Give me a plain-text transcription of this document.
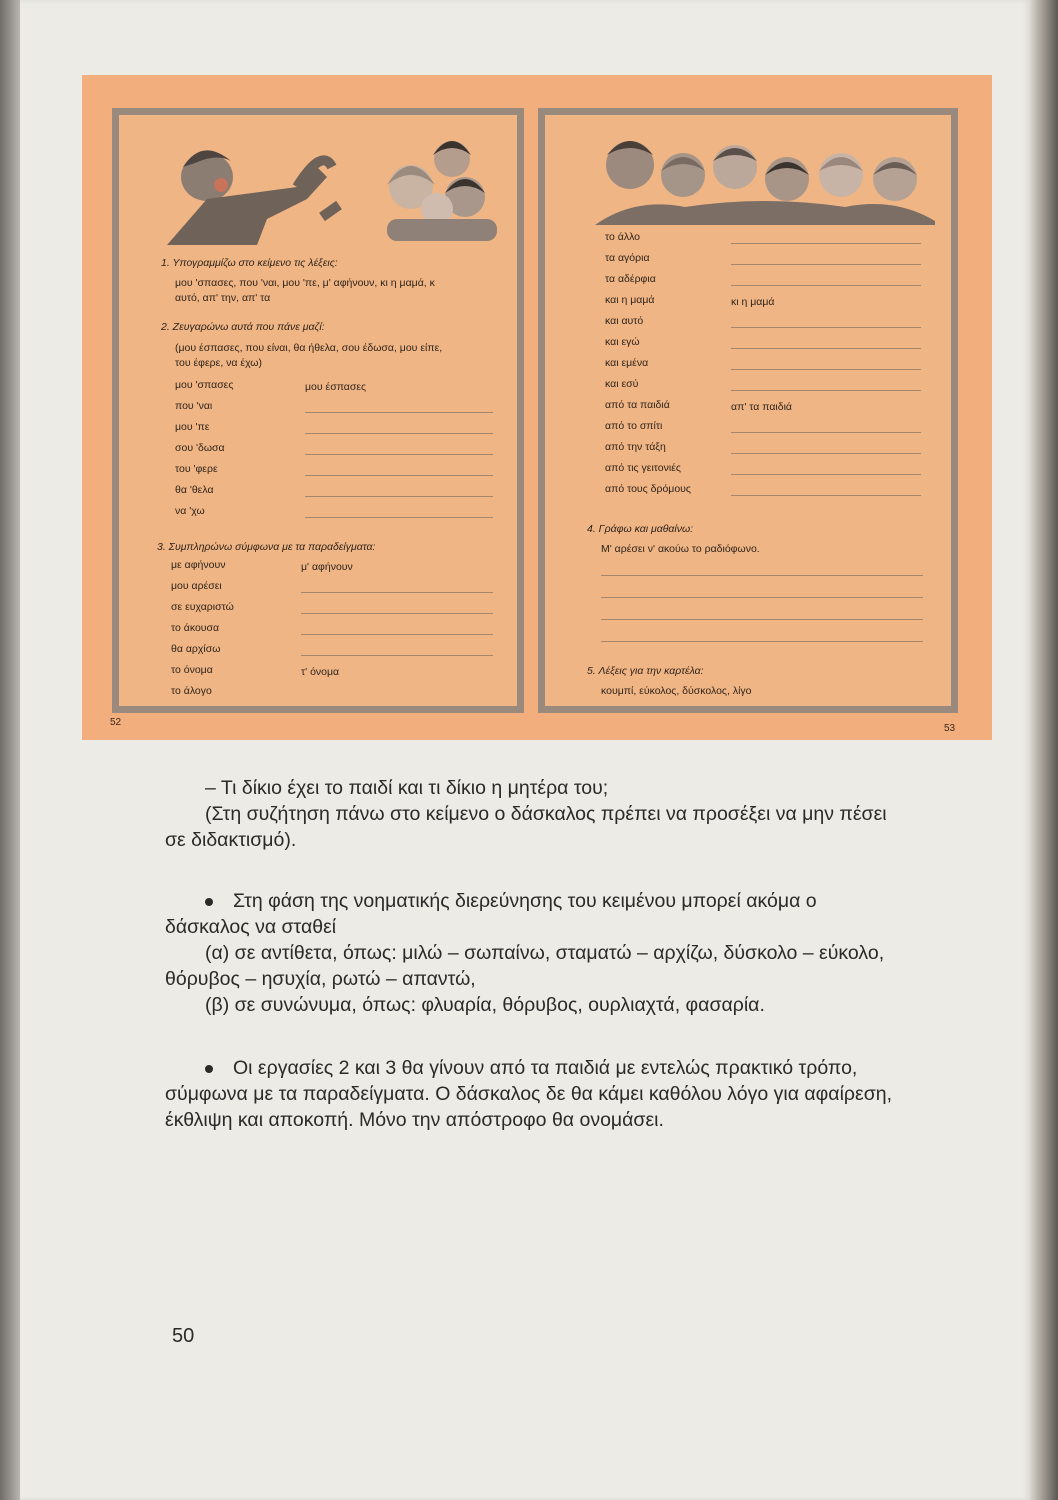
52
53
1. Υπογραμμίζω στο κείμενο τις λέξεις:
μου 'σπασες, που 'ναι, μου 'πε, μ' αφήνουν, κι η μαμά, κ
αυτό, απ' την, απ' τα
2. Ζευγαρώνω αυτά που πάνε μαζί:
(μου έσπασες, που είναι, θα ήθελα, σου έδωσα, μου είπε,
του έφερε, να έχω)
μου 'σπασες	μου έσπασες
που 'ναι
μου 'πε
σου 'δωσα
του 'φερε
θα 'θελα
να 'χω
3. Συμπληρώνω σύμφωνα με τα παραδείγματα:
με αφήνουν	μ' αφήνουν
μου αρέσει
σε ευχαριστώ
το άκουσα
θα αρχίσω
το όνομα	τ' όνομα
το άλογο
το άλλο
τα αγόρια
τα αδέρφια
και η μαμά	κι η μαμά
και αυτό
και εγώ
και εμένα
και εσύ
από τα παιδιά	απ' τα παιδιά
από το σπίτι
από την τάξη
από τις γειτονιές
από τους δρόμους
4. Γράφω και μαθαίνω:
Μ' αρέσει ν' ακούω το ραδιόφωνο.
5. Λέξεις για την καρτέλα:
κουμπί, εύκολος, δύσκολος, λίγο

– Τι δίκιο έχει το παιδί και τι δίκιο η μητέρα του;

(Στη συζήτηση πάνω στο κείμενο ο δάσκαλος πρέπει να προσέξει να μην πέσει σε διδακτισμό).

Στη φάση της νοηματικής διερεύνησης του κειμένου μπορεί ακόμα ο δάσκαλος να σταθεί

(α) σε αντίθετα, όπως: μιλώ – σωπαίνω, σταματώ – αρχίζω, δύσκολο – εύκολο, θόρυβος – ησυχία, ρωτώ – απαντώ,

(β) σε συνώνυμα, όπως: φλυαρία, θόρυβος, ουρλιαχτά, φασαρία.

Οι εργασίες 2 και 3 θα γίνουν από τα παιδιά με εντελώς πρακτικό τρόπο, σύμφωνα με τα παραδείγματα. Ο δάσκαλος δε θα κάμει καθόλου λόγο για αφαίρεση, έκθλιψη και αποκοπή. Μόνο την απόστροφο θα ονομάσει.

50
